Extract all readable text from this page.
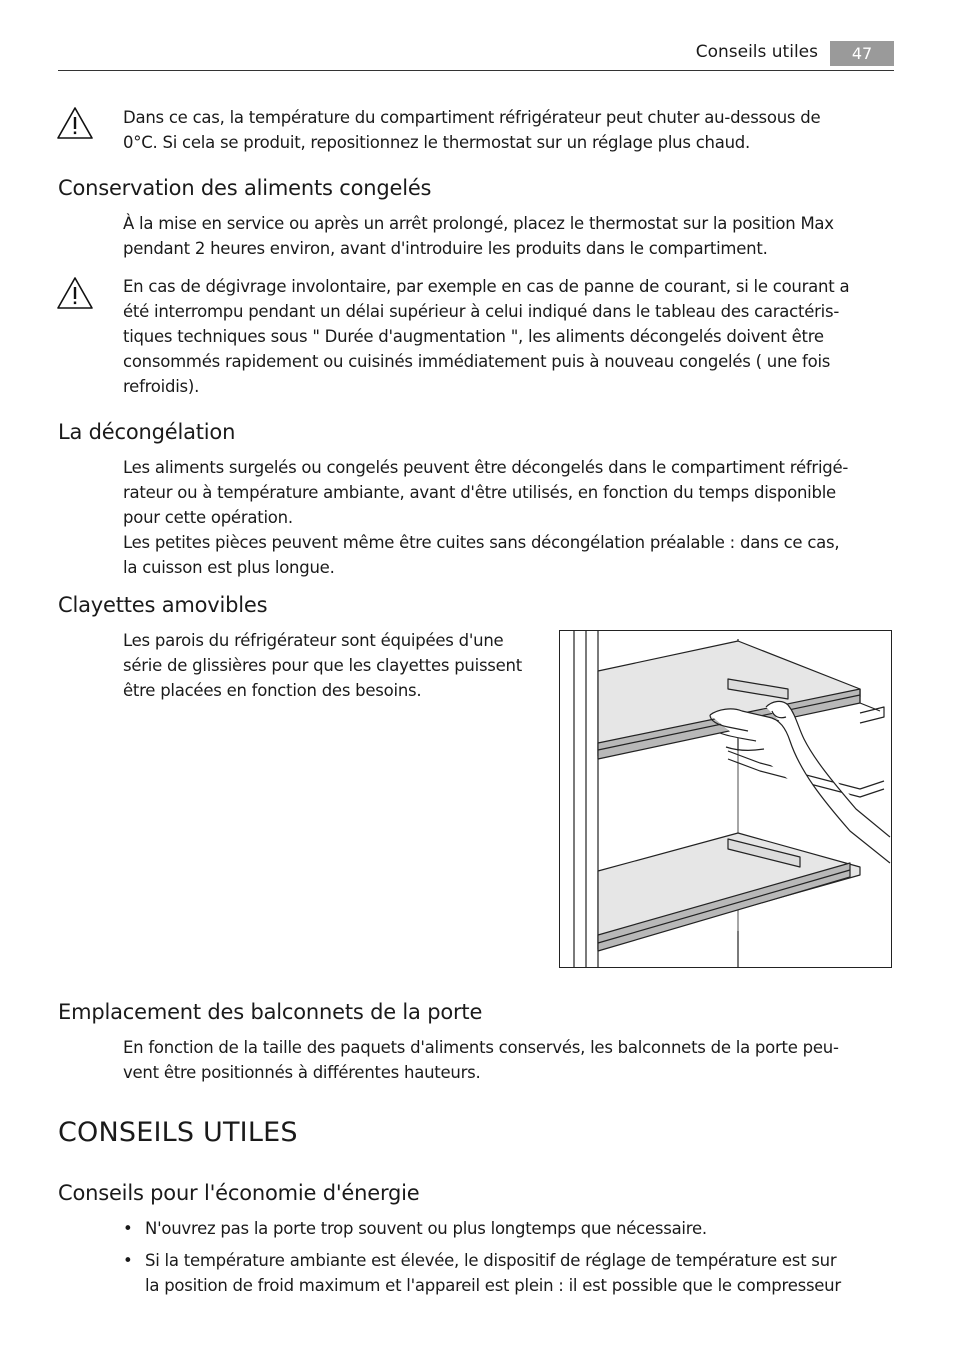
Conseils utiles	47
Dans ce cas, la température du compartiment réfrigérateur peut chuter au-dessous de
0°C. Si cela se produit, repositionnez le thermostat sur un réglage plus chaud.
Conservation des aliments congelés
À la mise en service ou après un arrêt prolongé, placez le thermostat sur la position Max
pendant 2 heures environ, avant d'introduire les produits dans le compartiment.
En cas de dégivrage involontaire, par exemple en cas de panne de courant, si le courant a
été interrompu pendant un délai supérieur à celui indiqué dans le tableau des caractéris-
tiques techniques sous " Durée d'augmentation ", les aliments décongelés doivent être
consommés rapidement ou cuisinés immédiatement puis à nouveau congelés ( une fois
refroidis).
La décongélation
Les aliments surgelés ou congelés peuvent être décongelés dans le compartiment réfrigé-
rateur ou à température ambiante, avant d'être utilisés, en fonction du temps disponible
pour cette opération.
Les petites pièces peuvent même être cuites sans décongélation préalable : dans ce cas,
la cuisson est plus longue.
Clayettes amovibles
Les parois du réfrigérateur sont équipées d'une
série de glissières pour que les clayettes puissent
être placées en fonction des besoins.
Emplacement des balconnets de la porte
En fonction de la taille des paquets d'aliments conservés, les balconnets de la porte peu-
vent être positionnés à différentes hauteurs.
CONSEILS UTILES
Conseils pour l'économie d'énergie
• N'ouvrez pas la porte trop souvent ou plus longtemps que nécessaire.
• Si la température ambiante est élevée, le dispositif de réglage de température est sur
la position de froid maximum et l'appareil est plein : il est possible que le compresseur
